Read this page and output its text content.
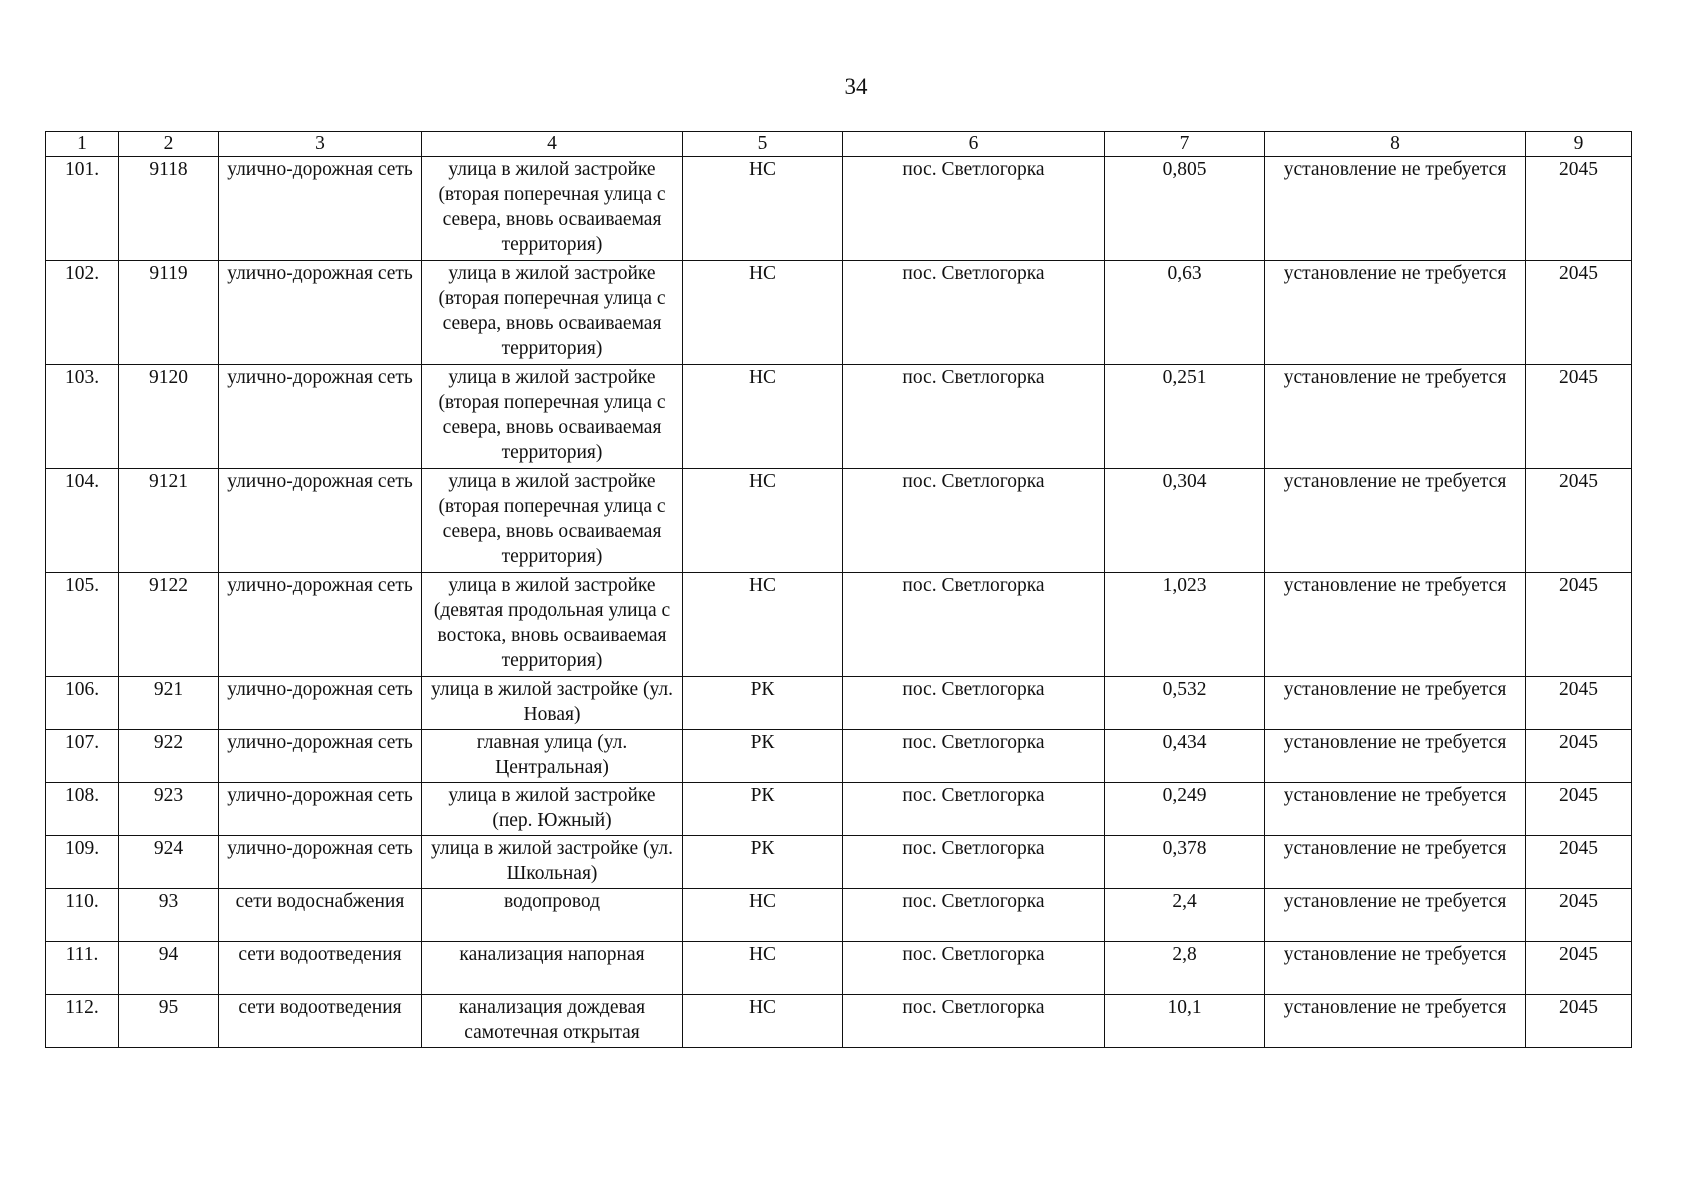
34
1	2	3	4	5	6	7	8	9
101.	9118	улично-дорожная сеть	улица в жилой застройке (вторая поперечная улица с севера, вновь осваиваемая территория)	НС	пос. Светлогорка	0,805	установление не требуется	2045
102.	9119	улично-дорожная сеть	улица в жилой застройке (вторая поперечная улица с севера, вновь осваиваемая территория)	НС	пос. Светлогорка	0,63	установление не требуется	2045
103.	9120	улично-дорожная сеть	улица в жилой застройке (вторая поперечная улица с севера, вновь осваиваемая территория)	НС	пос. Светлогорка	0,251	установление не требуется	2045
104.	9121	улично-дорожная сеть	улица в жилой застройке (вторая поперечная улица с севера, вновь осваиваемая территория)	НС	пос. Светлогорка	0,304	установление не требуется	2045
105.	9122	улично-дорожная сеть	улица в жилой застройке (девятая продольная улица с востока, вновь осваиваемая территория)	НС	пос. Светлогорка	1,023	установление не требуется	2045
106.	921	улично-дорожная сеть	улица в жилой застройке (ул. Новая)	РК	пос. Светлогорка	0,532	установление не требуется	2045
107.	922	улично-дорожная сеть	главная улица (ул. Центральная)	РК	пос. Светлогорка	0,434	установление не требуется	2045
108.	923	улично-дорожная сеть	улица в жилой застройке (пер. Южный)	РК	пос. Светлогорка	0,249	установление не требуется	2045
109.	924	улично-дорожная сеть	улица в жилой застройке (ул. Школьная)	РК	пос. Светлогорка	0,378	установление не требуется	2045
110.	93	сети водоснабжения	водопровод	НС	пос. Светлогорка	2,4	установление не требуется	2045
111.	94	сети водоотведения	канализация напорная	НС	пос. Светлогорка	2,8	установление не требуется	2045
112.	95	сети водоотведения	канализация дождевая самотечная открытая	НС	пос. Светлогорка	10,1	установление не требуется	2045
